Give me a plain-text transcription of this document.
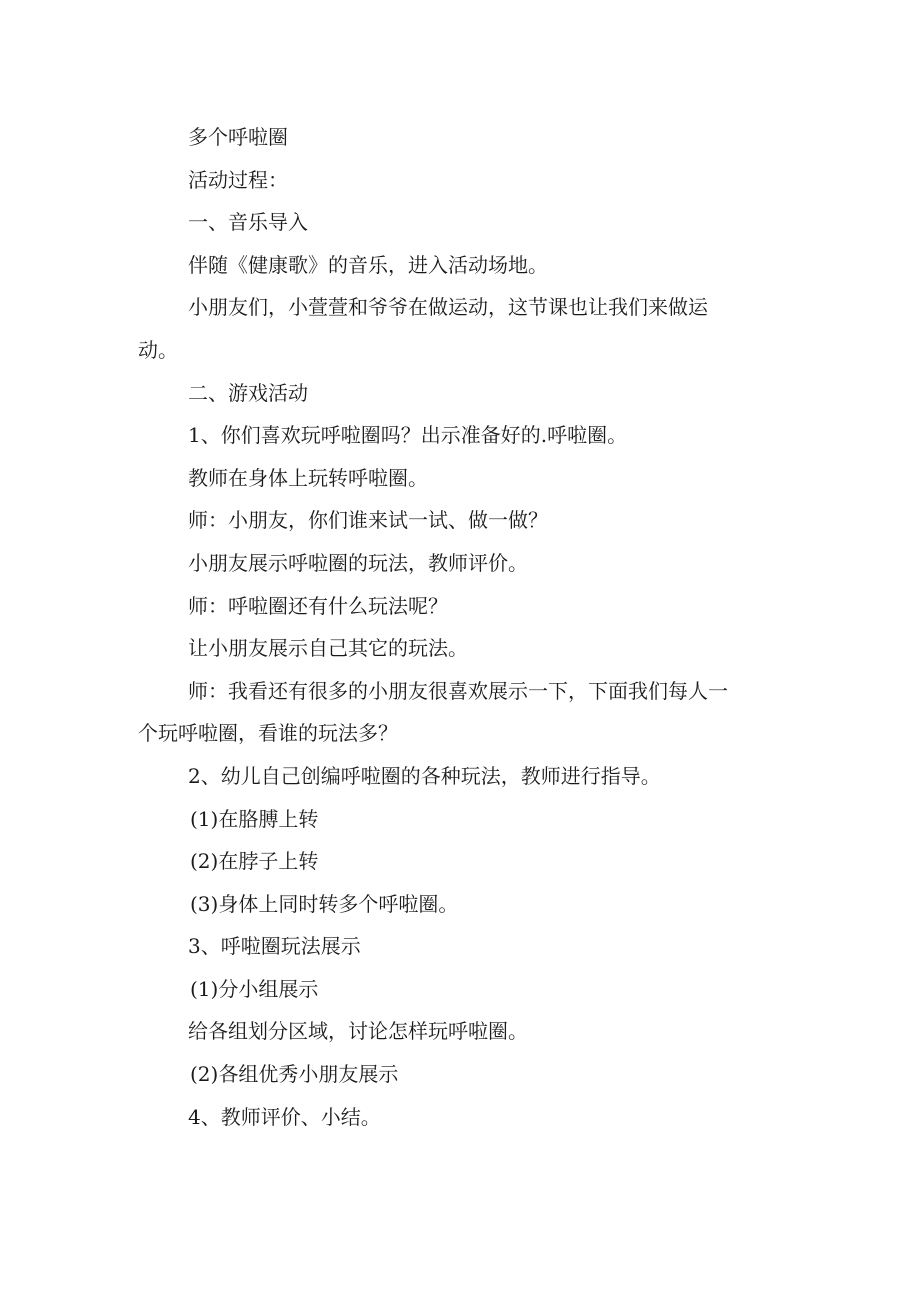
多个呼啦圈

活动过程：

一、音乐导入

伴随《健康歌》的音乐，进入活动场地。

小朋友们，小萱萱和爷爷在做运动，这节课也让我们来做运

动。

二、游戏活动

1、你们喜欢玩呼啦圈吗？出示准备好的.呼啦圈。

教师在身体上玩转呼啦圈。

师：小朋友，你们谁来试一试、做一做？

小朋友展示呼啦圈的玩法，教师评价。

师：呼啦圈还有什么玩法呢？

让小朋友展示自己其它的玩法。

师：我看还有很多的小朋友很喜欢展示一下，下面我们每人一

个玩呼啦圈，看谁的玩法多？

2、幼儿自己创编呼啦圈的各种玩法，教师进行指导。

(1)在胳膊上转

(2)在脖子上转

(3)身体上同时转多个呼啦圈。

3、呼啦圈玩法展示

(1)分小组展示

给各组划分区域，讨论怎样玩呼啦圈。

(2)各组优秀小朋友展示

4、教师评价、小结。
